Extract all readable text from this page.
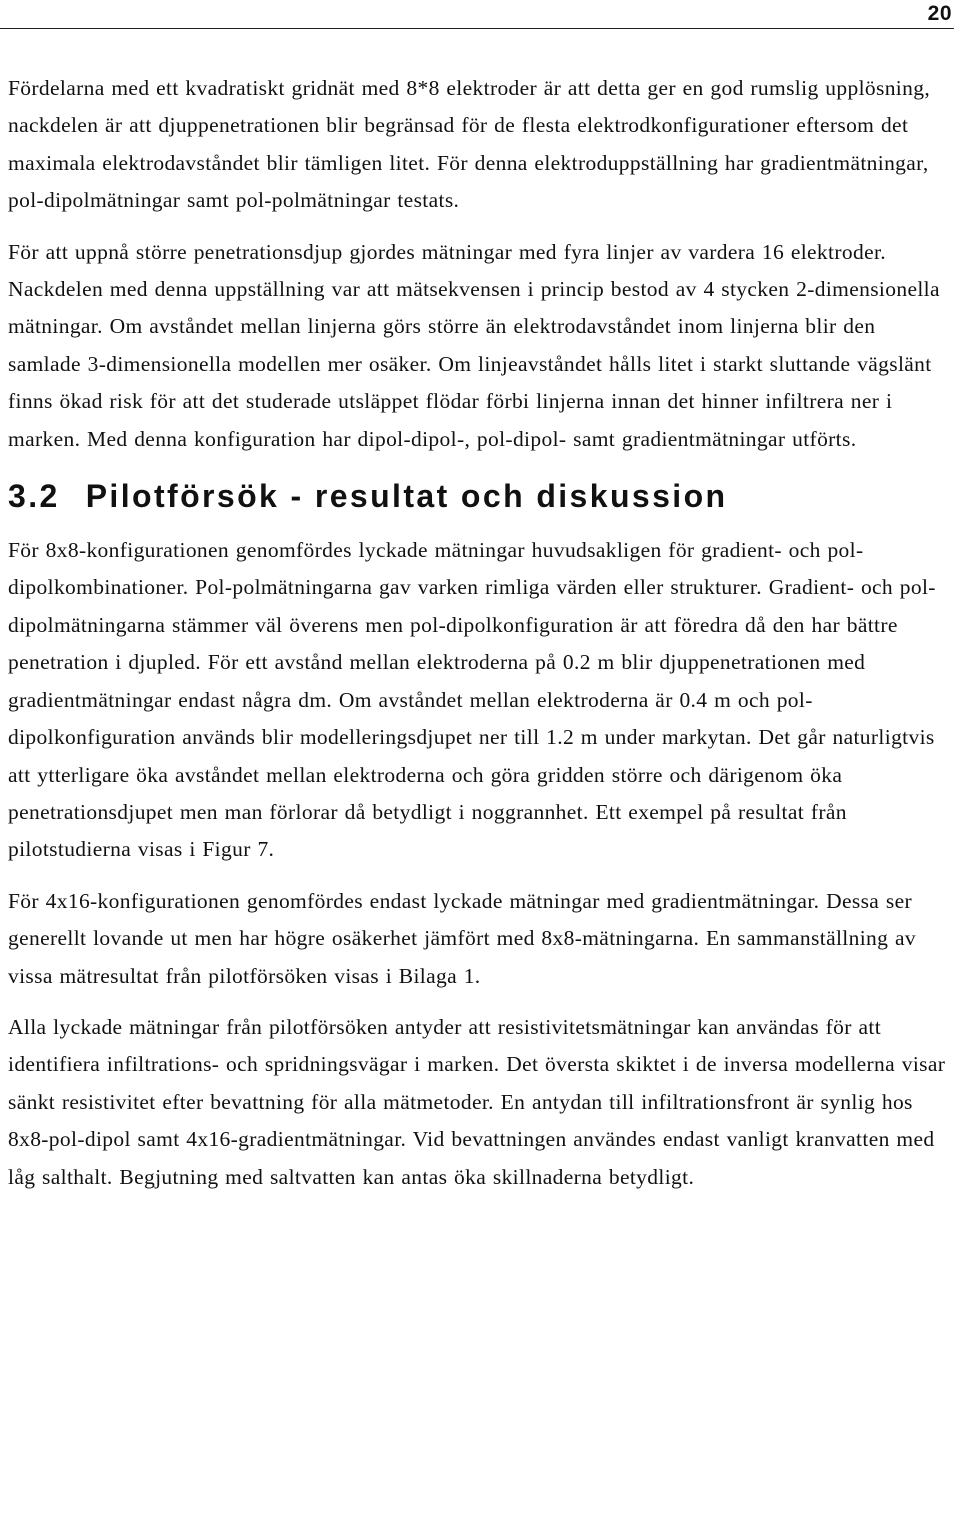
20

Fördelarna med ett kvadratiskt gridnät med 8*8 elektroder är att detta ger en god rumslig upplösning, nackdelen är att djuppenetrationen blir begränsad för de flesta elektrodkonfigurationer eftersom det maximala elektrodavståndet blir tämligen litet. För denna elektroduppställning har gradientmätningar, pol-dipolmätningar samt pol-polmätningar testats.

För att uppnå större penetrationsdjup gjordes mätningar med fyra linjer av vardera 16 elektroder. Nackdelen med denna uppställning var att mätsekvensen i princip bestod av 4 stycken 2-dimensionella mätningar. Om avståndet mellan linjerna görs större än elektrodavståndet inom linjerna blir den samlade 3-dimensionella modellen mer osäker. Om linjeavståndet hålls litet i starkt sluttande vägslänt finns ökad risk för att det studerade utsläppet flödar förbi linjerna innan det hinner infiltrera ner i marken. Med denna konfiguration har dipol-dipol-, pol-dipol- samt gradientmätningar utförts.

3.2 Pilotförsök - resultat och diskussion

För 8x8-konfigurationen genomfördes lyckade mätningar huvudsakligen för gradient- och pol-dipolkombinationer. Pol-polmätningarna gav varken rimliga värden eller strukturer. Gradient- och pol-dipolmätningarna stämmer väl överens men pol-dipolkonfiguration är att föredra då den har bättre penetration i djupled. För ett avstånd mellan elektroderna på 0.2 m blir djuppenetrationen med gradientmätningar endast några dm. Om avståndet mellan elektroderna är 0.4 m och pol-dipolkonfiguration används blir modelleringsdjupet ner till 1.2 m under markytan. Det går naturligtvis att ytterligare öka avståndet mellan elektroderna och göra gridden större och därigenom öka penetrationsdjupet men man förlorar då betydligt i noggrannhet. Ett exempel på resultat från pilotstudierna visas i Figur 7.

För 4x16-konfigurationen genomfördes endast lyckade mätningar med gradientmätningar. Dessa ser generellt lovande ut men har högre osäkerhet jämfört med 8x8-mätningarna. En sammanställning av vissa mätresultat från pilotförsöken visas i Bilaga 1.

Alla lyckade mätningar från pilotförsöken antyder att resistivitetsmätningar kan användas för att identifiera infiltrations- och spridningsvägar i marken. Det översta skiktet i de inversa modellerna visar sänkt resistivitet efter bevattning för alla mätmetoder. En antydan till infiltrationsfront är synlig hos 8x8-pol-dipol samt 4x16-gradientmätningar. Vid bevattningen användes endast vanligt kranvatten med låg salthalt. Begjutning med saltvatten kan antas öka skillnaderna betydligt.
